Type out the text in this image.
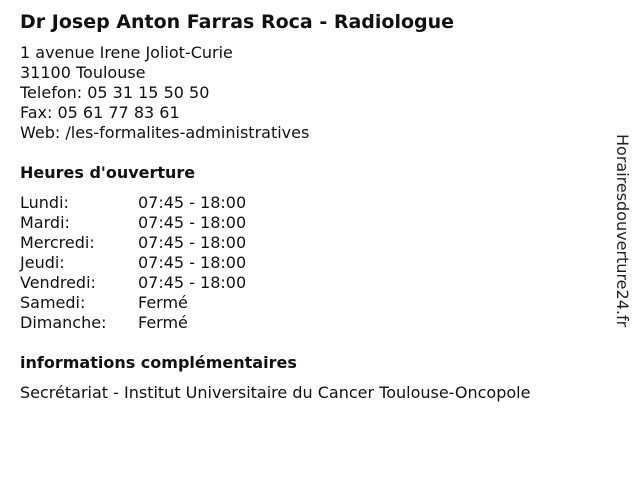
Dr Josep Anton Farras Roca - Radiologue
1 avenue Irene Joliot-Curie
31100 Toulouse
Telefon: 05 31 15 50 50
Fax: 05 61 77 83 61
Web: /les-formalites-administratives
Heures d'ouverture
Lundi:	07:45 - 18:00
Mardi:	07:45 - 18:00
Mercredi:	07:45 - 18:00
Jeudi:	07:45 - 18:00
Vendredi:	07:45 - 18:00
Samedi:	Fermé
Dimanche:	Fermé
informations complémentaires
Secrétariat - Institut Universitaire du Cancer Toulouse-Oncopole
Horairesdouverture24.fr
